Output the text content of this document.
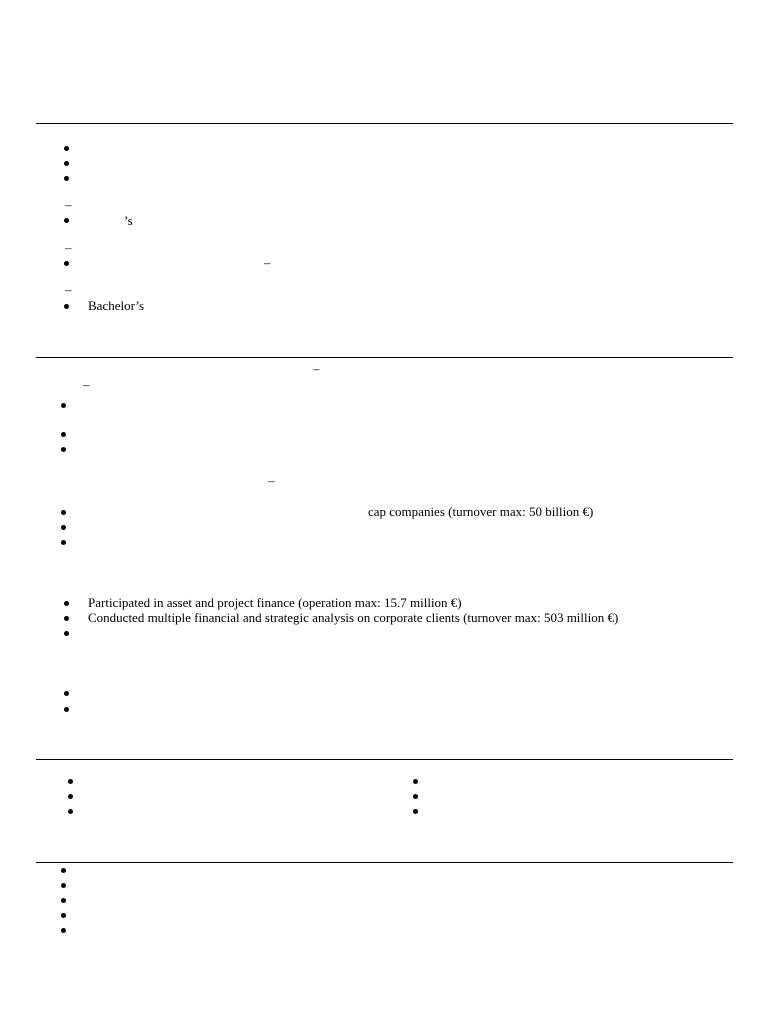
–
’s
–
–
–
Bachelor’s
–
–
–
cap companies (turnover max: 50 billion €)
Participated in asset and project finance (operation max: 15.7 million €)
Conducted multiple financial and strategic analysis on corporate clients (turnover max: 503 million €)
